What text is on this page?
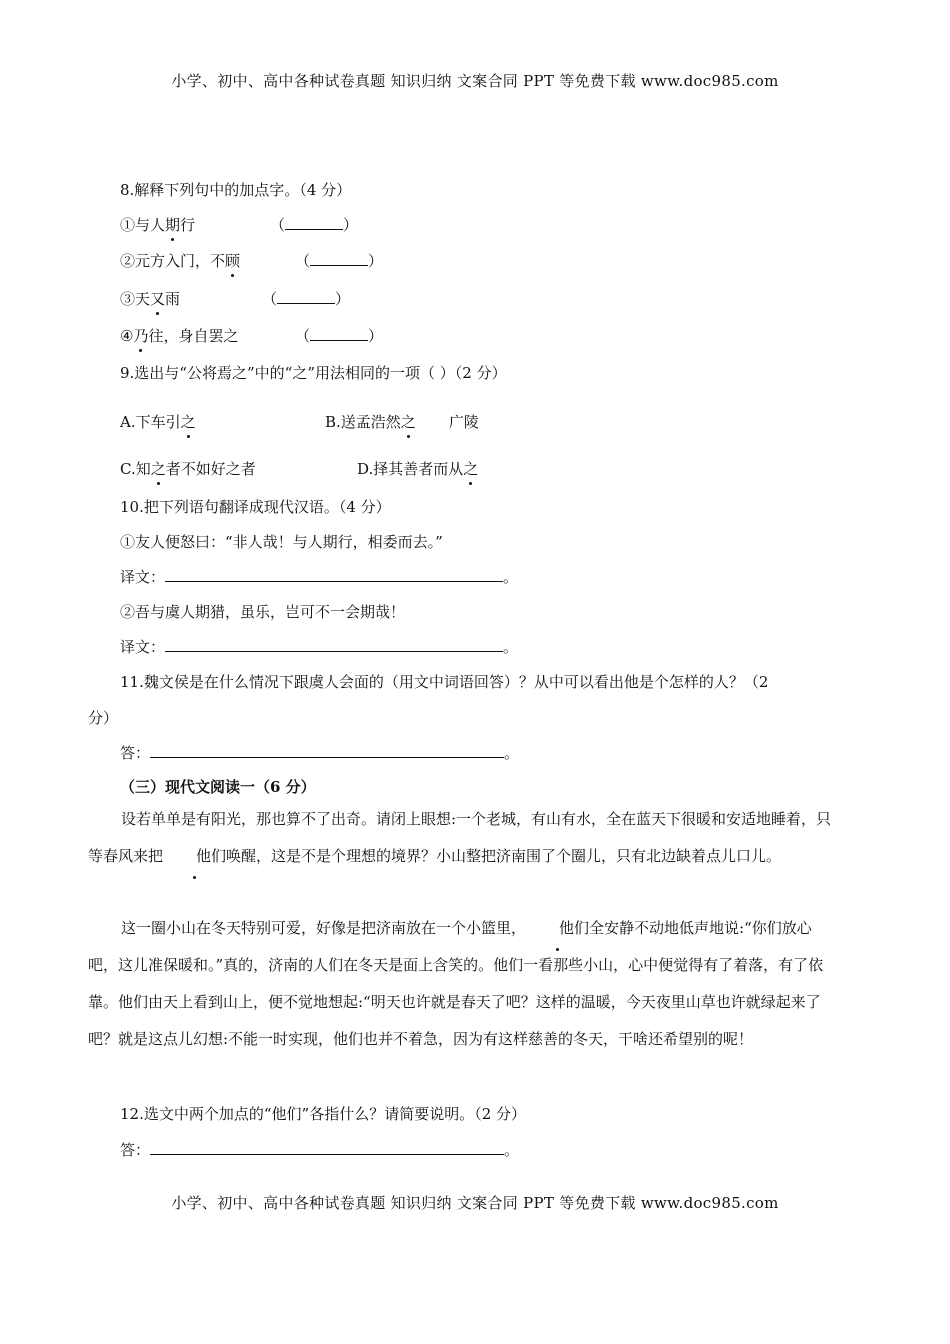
小学、初中、高中各种试卷真题 知识归纳 文案合同 PPT 等免费下载 www.doc985.com
8.解释下列句中的加点字。（4 分）
①与人期行	（	）
②元方入门，不顾	（	）
③天又雨	（	）
④乃往，身自罢之	（	）
9.选出与“公将焉之”中的“之”用法相同的一项（ ）（2 分）
A.下车引之	B.送孟浩然之 广陵
C.知之者不如好之者	D.择其善者而从之
10.把下列语句翻译成现代汉语。（4 分）
①友人便怒曰：“非人哉！与人期行，相委而去。”
译文：	。
②吾与虞人期猎，虽乐，岂可不一会期哉！
译文：	。
11.魏文侯是在什么情况下跟虞人会面的（用文中词语回答）？从中可以看出他是个怎样的人？（2
分）
答：	。
（三）现代文阅读一（6 分）
设若单单是有阳光，那也算不了出奇。请闭上眼想:一个老城，有山有水，全在蓝天下很暖和安适地睡着，只等春风来把 他们唤醒，这是不是个理想的境界？小山整把济南围了个圈儿，只有北边缺着点儿口儿。
这一圈小山在冬天特别可爱，好像是把济南放在一个小篮里， 他们全安静不动地低声地说:“你们放心吧，这儿准保暖和。”真的，济南的人们在冬天是面上含笑的。他们一看那些小山，心中便觉得有了着落，有了依靠。他们由天上看到山上，便不觉地想起:“明天也许就是春天了吧？这样的温暖，今天夜里山草也许就绿起来了吧？就是这点儿幻想:不能一时实现，他们也并不着急，因为有这样慈善的冬天，干啥还希望别的呢！
12.选文中两个加点的“他们”各指什么？请简要说明。（2 分）
答：	。
小学、初中、高中各种试卷真题 知识归纳 文案合同 PPT 等免费下载 www.doc985.com
